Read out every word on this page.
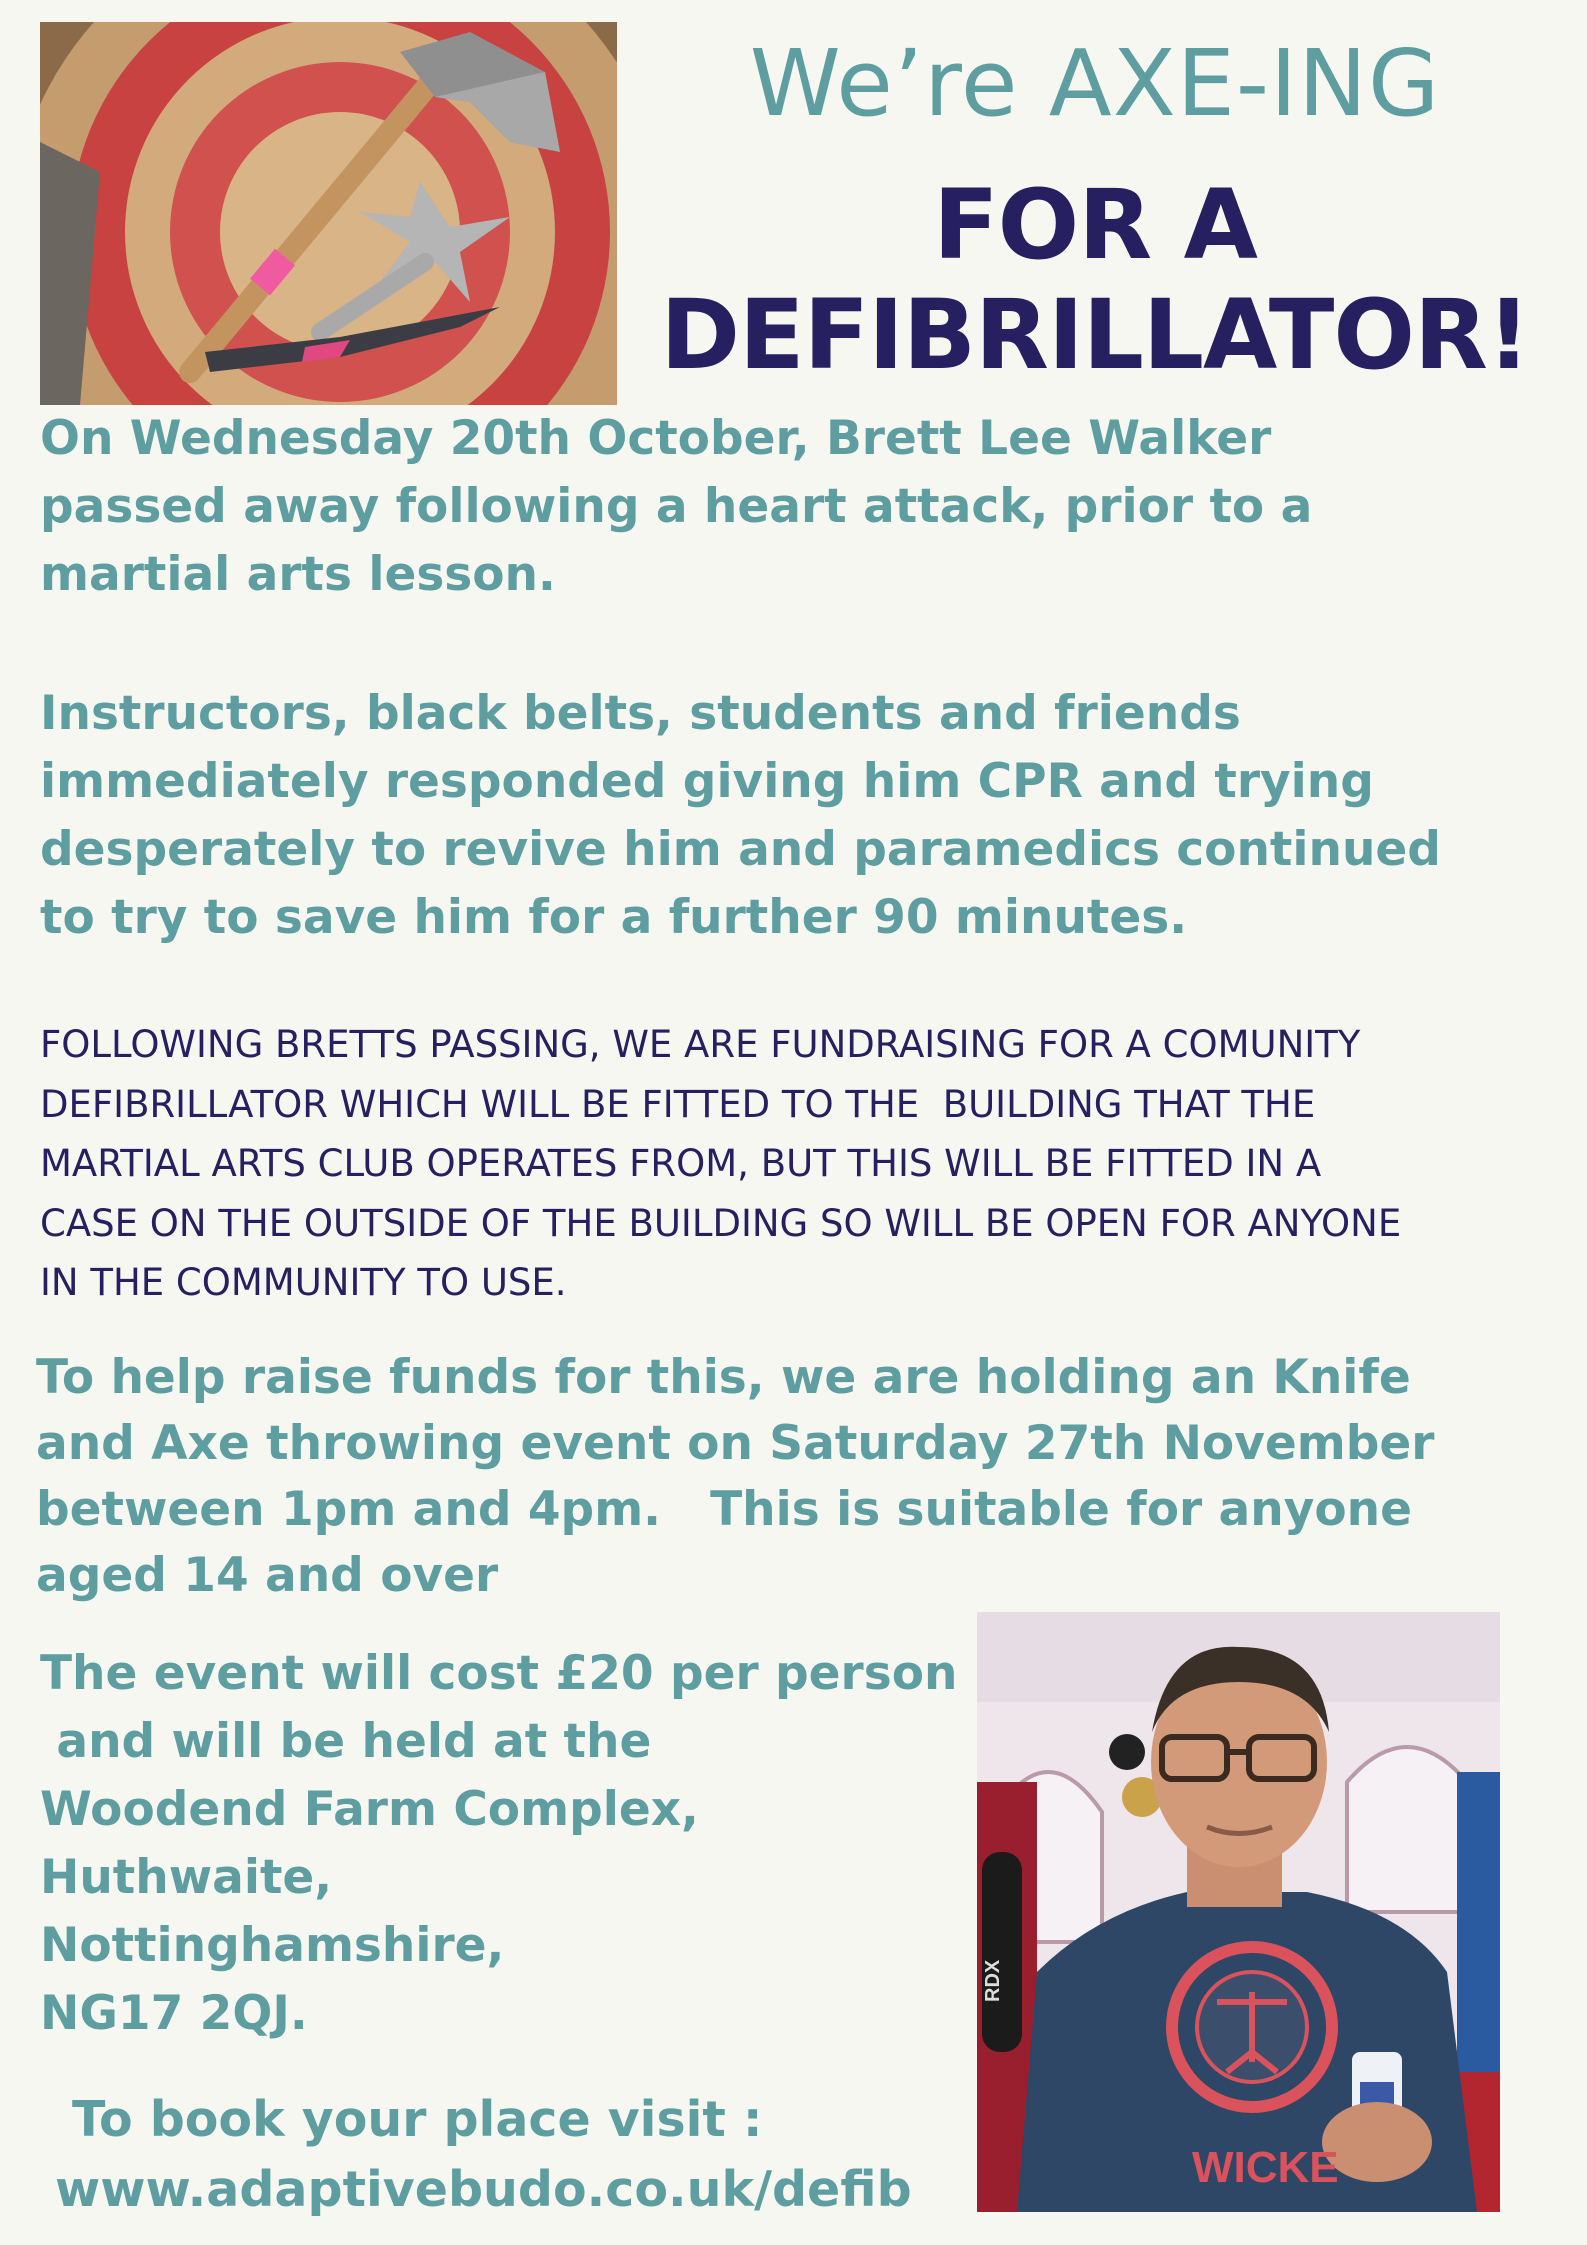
We’re AXE-ING
FOR A
DEFIBRILLATOR!

On Wednesday 20th October, Brett Lee Walker
passed away following a heart attack, prior to a
martial arts lesson.

Instructors, black belts, students and friends
immediately responded giving him CPR and trying
desperately to revive him and paramedics continued
to try to save him for a further 90 minutes.

FOLLOWING BRETTS PASSING, WE ARE FUNDRAISING FOR A COMUNITY
DEFIBRILLATOR WHICH WILL BE FITTED TO THE  BUILDING THAT THE
MARTIAL ARTS CLUB OPERATES FROM, BUT THIS WILL BE FITTED IN A
CASE ON THE OUTSIDE OF THE BUILDING SO WILL BE OPEN FOR ANYONE
IN THE COMMUNITY TO USE.

To help raise funds for this, we are holding an Knife
and Axe throwing event on Saturday 27th November
between 1pm and 4pm.   This is suitable for anyone
aged 14 and over

The event will cost £20 per person
and will be held at the
Woodend Farm Complex,
Huthwaite,
Nottinghamshire,
NG17 2QJ.

To book your place visit :
www.adaptivebudo.co.uk/defib

RDX
WICKE
